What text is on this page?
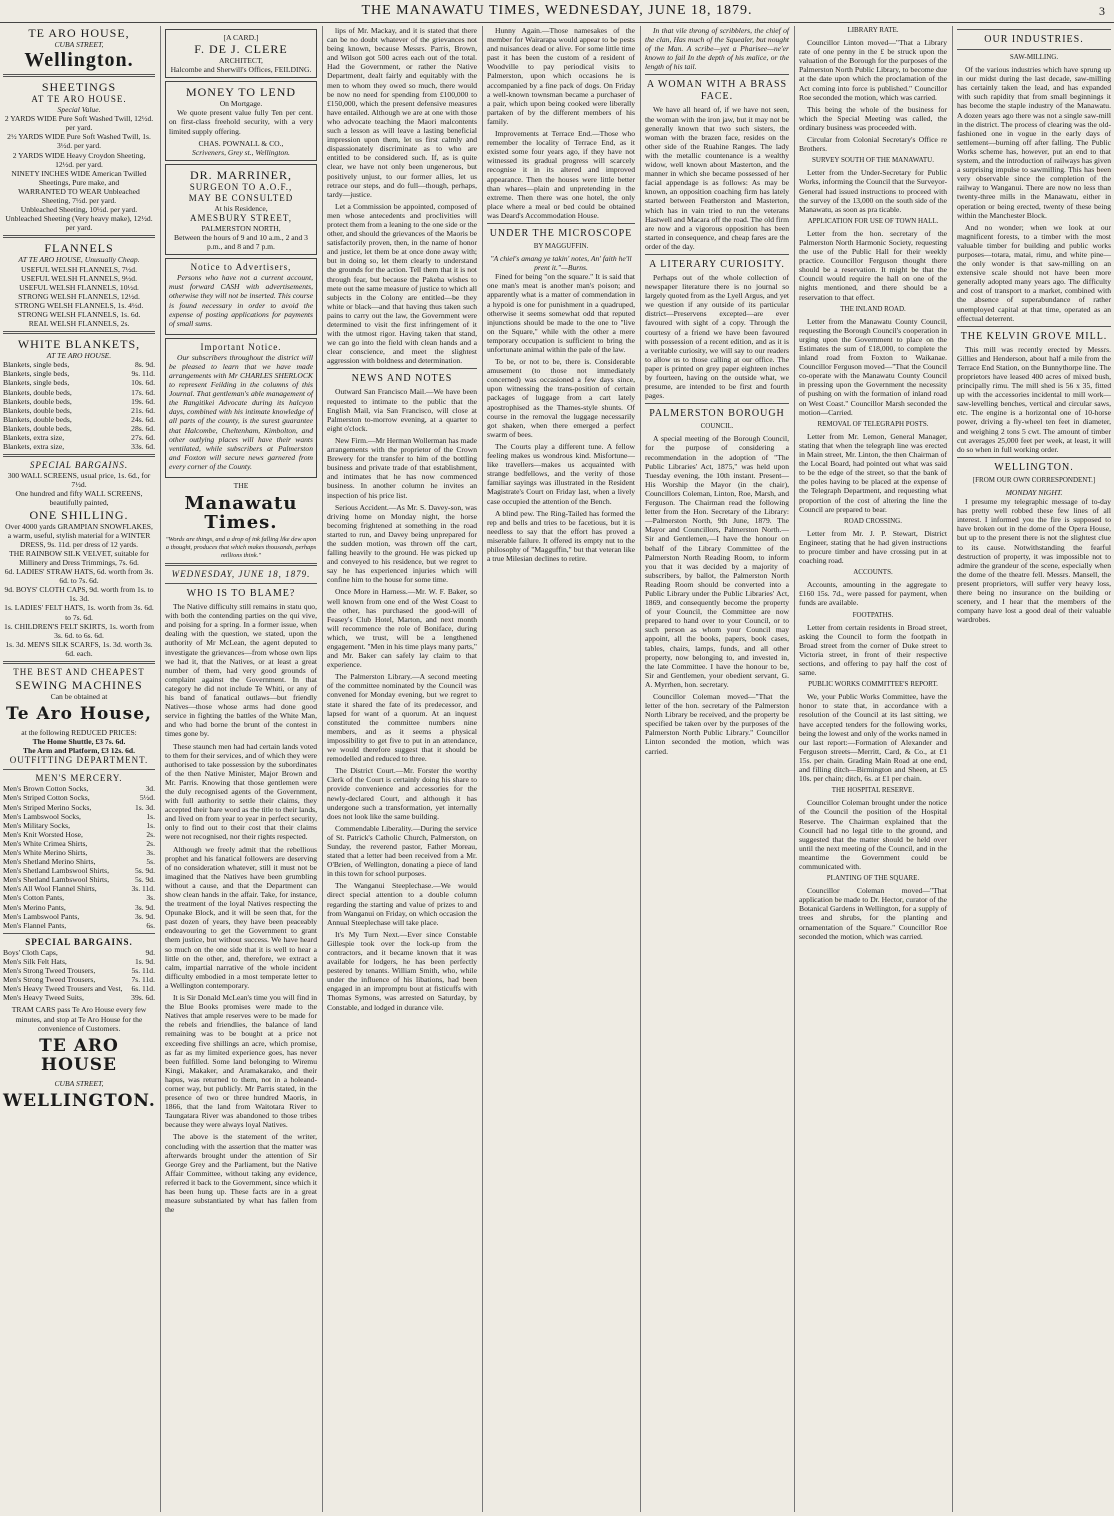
THE MANAWATU TIMES, WEDNESDAY, JUNE 18, 1879.	3
TE ARO HOUSE,
CUBA STREET,
Wellington.
SHEETINGS
AT TE ARO HOUSE.
Special Value.
2 YARDS WIDE Pure Soft Washed Twill, 12½d. per yard.
2½ YARDS WIDE Pure Soft Washed Twill, 1s. 3½d. per yard.
2 YARDS WIDE Heavy Croydon Sheeting, 12½d. per yard.
NINETY INCHES WIDE American Twilled Sheetings, Pure make, and
WARRANTED TO WEAR Unbleached Sheeting, 7½d. per yard.
Unbleached Sheeting, 10½d. per yard.
Unbleached Sheeting (Very heavy make), 12½d. per yard.
FLANNELS
AT TE ARO HOUSE, Unusually Cheap.
USEFUL WELSH FLANNELS, 7½d.
USEFUL WELSH FLANNELS, 9½d.
USEFUL WELSH FLANNELS, 10½d.
STRONG WELSH FLANNELS, 12½d.
STRONG WELSH FLANNELS, 1s. 4½d.
STRONG WELSH FLANNELS, 1s. 6d.
REAL WELSH FLANNELS, 2s.
WHITE BLANKETS,
AT TE ARO HOUSE.
Blankets, single beds,	8s. 9d.
Blankets, single beds,	9s. 11d.
Blankets, single beds,	10s. 6d.
Blankets, double beds,	17s. 6d.
Blankets, double beds,	19s. 6d.
Blankets, double beds,	21s. 6d.
Blankets, double beds,	24s. 6d.
Blankets, double beds,	28s. 6d.
Blankets, extra size,	27s. 6d.
Blankets, extra size,	33s. 6d.
SPECIAL BARGAINS.
300 WALL SCREENS, usual price, 1s. 6d., for 7½d.
One hundred and fifty WALL SCREENS, beautifully painted,
ONE SHILLING.
Over 4000 yards GRAMPIAN SNOWFLAKES, a warm, useful, stylish material for a WINTER DRESS, 9s. 11d. per dress of 12 yards.
THE RAINBOW SILK VELVET, suitable for Millinery and Dress Trimmings, 7s. 6d.
6d. LADIES' STRAW HATS, 6d. worth from 3s. 6d. to 7s. 6d.
9d. BOYS' CLOTH CAPS, 9d. worth from 1s. to 1s. 3d.
1s. LADIES' FELT HATS, 1s. worth from 3s. 6d. to 7s. 6d.
1s. CHILDREN'S FELT SKIRTS, 1s. worth from 3s. 6d. to 6s. 6d.
1s. 3d. MEN'S SILK SCARFS, 1s. 3d. worth 3s. 6d. each.
THE BEST AND CHEAPEST
SEWING MACHINES
Can be obtained at
Te Aro House,
at the following REDUCED PRICES:
The Home Shuttle, £3 7s. 6d.
The Arm and Platform, £3 12s. 6d.
OUTFITTING DEPARTMENT.
MEN'S MERCERY.
Men's Brown Cotton Socks,	3d.
Men's Striped Cotton Socks,	5½d.
Men's Striped Merino Socks,	1s. 3d.
Men's Lambswool Socks,	1s.
Men's Military Socks,	1s.
Men's Knit Worsted Hose,	2s.
Men's White Crimea Shirts,	2s.
Men's White Merino Shirts,	3s.
Men's Shetland Merino Shirts,	5s.
Men's Shetland Lambswool Shirts,	5s. 9d.
Men's Shetland Lambswool Shirts,	5s. 9d.
Men's All Wool Flannel Shirts,	3s. 11d.
Men's Cotton Pants,	3s.
Men's Merino Pants,	3s. 9d.
Men's Lambswool Pants,	3s. 9d.
Men's Flannel Pants,	6s.
SPECIAL BARGAINS.
Boys' Cloth Caps,	9d.
Men's Silk Felt Hats,	1s. 9d.
Men's Strong Tweed Trousers,	5s. 11d.
Men's Strong Tweed Trousers,	7s. 11d.
Men's Heavy Tweed Trousers and Vest, 6s. 11d.
Men's Heavy Tweed Suits,	39s. 6d.
TRAM CARS pass Te Aro House every few minutes, and stop at Te Aro House for the convenience of Customers.
TE ARO HOUSE
CUBA STREET,
WELLINGTON.
[A CARD.]
F. DE J. CLERE
ARCHITECT,
Halcombe and Sherwill's Offices, FEILDING.
MONEY TO LEND
On Mortgage.

We quote present value fully Ten per cent. on first-class freehold security, with a very limited supply offering.

CHAS. POWNALL & CO.,
Scriveners, Grey st., Wellington.
DR. MARRINER,
SURGEON TO A.O.F.,
MAY BE CONSULTED
At his Residence,
AMESBURY STREET,
PALMERSTON NORTH,
Between the hours of 9 and 10 a.m., 2 and 3 p.m., and 8 and 7 p.m.
Notice to Advertisers,

Persons who have not a current account, must forward CASH with advertisements, otherwise they will not be inserted. This course is found necessary in order to avoid the expense of posting applications for payments of small sums.

Important Notice.

Our subscribers throughout the district will be pleased to learn that we have made arrangements with Mr CHARLES SHERLOCK to represent Feilding in the columns of this Journal. That gentleman's able management of the Rangitikei Advocate during its halcyon days, combined with his intimate knowledge of all parts of the county, is the surest guarantee that Halcombe, Cheltenham, Kimbolton, and other outlying places will have their wants ventilated, while subscribers at Palmerston and Foxton will secure news garnered from every corner of the County.

THE
Manawatu Times.
"Words are things, and a drop of ink falling like dew upon a thought, produces that which makes thousands, perhaps millions think."
WEDNESDAY, JUNE 18, 1879.
WHO IS TO BLAME?

The Native difficulty still remains in statu quo, with both the contending parties on the qui vive, and poising for a spring. In a former issue, when dealing with the question, we stated, upon the authority of Mr McLean, the agent deputed to investigate the grievances—from whose own lips we had it, that the Natives, or at least a great number of them, had very good grounds of complaint against the Government. In that category he did not include Te Whiti, or any of his band of fanatical outlaws—but friendly Natives—those whose arms had done good service in fighting the battles of the White Man, and who had borne the brunt of the contest in times gone by.

These staunch men had had certain lands voted to them for their services, and of which they were authorised to take possession by the subordinates of the then Native Minister, Major Brown and Mr. Parris. Knowing that those gentlemen were the duly recognised agents of the Government, with full authority to settle their claims, they accepted their bare word as the title to their lands, and lived on from year to year in perfect security, only to find out to their cost that their claims were not recognised, nor their rights respected.

Although we freely admit that the rebellious prophet and his fanatical followers are deserving of no consideration whatever, still it must not be imagined that the Natives have been grumbling without a cause, and that the Department can show clean hands in the affair. Take, for instance, the treatment of the loyal Natives respecting the Opunake Block, and it will be seen that, for the past dozen of years, they have been peaceably endeavouring to get the Government to grant them justice, but without success. We have heard so much on the one side that it is well to hear a little on the other, and, therefore, we extract a calm, impartial narrative of the whole incident difficulty embodied in a most temperate letter to a Wellington contemporary.

It is Sir Donald McLean's time you will find in the Blue Books promises were made to the Natives that ample reserves were to be made for the rebels and friendlies, the balance of land remaining was to be bought at a price not exceeding five shillings an acre, which promise, as far as my limited experience goes, has never been fulfilled. Some land belonging to Wiremu Kingi, Makaker, and Aramakarako, and their hapus, was returned to them, not in a holeand-corner way, but publicly. Mr Parris stated, in the presence of two or three hundred Maoris, in 1866, that the land from Waitotara River to Taungatara River was abandoned to those tribes because they were always loyal Natives.

The above is the statement of the writer, concluding with the assertion that the matter was afterwards brought under the attention of Sir George Grey and the Parliament, but the Native Affair Committee, without taking any evidence, referred it back to the Government, since which it has been hung up. These facts are in a great measure substantiated by what has fallen from the

lips of Mr. Mackay, and it is stated that there can be no doubt whatever of the grievances not being known, because Messrs. Parris, Brown, and Wilson got 500 acres each out of the total. Had the Government, or rather the Native Department, dealt fairly and equitably with the men to whom they owed so much, there would be now no need for spending from £100,000 to £150,000, which the present defensive measures have entailed. Although we are at one with those who advocate teaching the Maori malcontents such a lesson as will leave a lasting beneficial impression upon them, let us first calmly and dispassionately discriminate as to who are entitled to be considered such. If, as is quite clear, we have not only been ungenerous, but positively unjust, to our former allies, let us retrace our steps, and do full—though, perhaps, tardy—justice.

Let a Commission be appointed, composed of men whose antecedents and proclivities will protect them from a leaning to the one side or the other, and should the grievances of the Maoris be satisfactorily proven, then, in the name of honor and justice, let them be at once done away with; but in doing so, let them clearly to understand the grounds for the action. Tell them that it is not through fear, but because the Pakeha wishes to mete out the same measure of justice to which all subjects in the Colony are entitled—be they white or black—and that having thus taken such pains to carry out the law, the Government were determined to visit the first infringement of it with the utmost rigor. Having taken that stand, we can go into the field with clean hands and a clear conscience, and meet the slightest aggression with boldness and determination.

NEWS AND NOTES

Outward San Francisco Mail.—We have been requested to intimate to the public that the English Mail, via San Francisco, will close at Palmerston to-morrow evening, at a quarter to eight o'clock.

New Firm.—Mr Herman Wollerman has made arrangements with the proprietor of the Crown Brewery for the transfer to him of the bottling business and private trade of that establishment, and intimates that he has now commenced business. In another column he invites an inspection of his price list.

Serious Accident.—As Mr. S. Davey-son, was driving home on Monday night, the horse becoming frightened at something in the road started to run, and Davey being unprepared for the sudden motion, was thrown off the cart, falling heavily to the ground. He was picked up and conveyed to his residence, but we regret to say he has experienced injuries which will confine him to the house for some time.

Once More in Harness.—Mr. W. F. Baker, so well known from one end of the West Coast to the other, has purchased the good-will of Feasey's Club Hotel, Marton, and next month will recommence the role of Boniface, during which, we trust, will be a lengthened engagement. "Men in his time plays many parts," and Mr. Baker can safely lay claim to that experience.

The Palmerston Library.—A second meeting of the committee nominated by the Council was convened for Monday evening, but we regret to state it shared the fate of its predecessor, and lapsed for want of a quorum. At an inquest constituted the committee numbers nine members, and as it seems a physical impossibility to get five to put in an attendance, we would therefore suggest that it should be remodelled and reduced to three.

The District Court.—Mr. Forster the worthy Clerk of the Court is certainly doing his share to provide convenience and accessories for the newly-declared Court, and although it has undergone such a transformation, yet internally does not look like the same building.

Commendable Liberality.—During the service of St. Patrick's Catholic Church, Palmerston, on Sunday, the reverend pastor, Father Moreau, stated that a letter had been received from a Mr. O'Brien, of Wellington, donating a piece of land in this town for school purposes.

The Wanganui Steeplechase.—We would direct special attention to a double column regarding the starting and value of prizes to and from Wanganui on Friday, on which occasion the Annual Steeplechase will take place.

It's My Turn Next.—Ever since Constable Gillespie took over the lock-up from the contractors, and it became known that it was available for lodgers, he has been perfectly pestered by tenants. William Smith, who, while under the influence of his libations, had been engaged in an impromptu bout at fisticuffs with Thomas Symons, was arrested on Saturday, by Constable, and lodged in durance vile.

Hunny Again.—Those namesakes of the member for Wairarapa would appear to be pests and nuisances dead or alive. For some little time past it has been the custom of a resident of Woodville to pay periodical visits to Palmerston, upon which occasions he is accompanied by a fine pack of dogs. On Friday a well-known townsman became a purchaser of a pair, which upon being cooked were liberally partaken of by the different members of his family.

Improvements at Terrace End.—Those who remember the locality of Terrace End, as it existed some four years ago, if they have not witnessed its gradual progress will scarcely recognise it in its altered and improved appearance. Then the houses were little better than whares—plain and unpretending in the extreme. Then there was one hotel, the only place where a meal or bed could be obtained was Deard's Accommodation House.

UNDER THE MICROSCOPE
BY MAGGUFFIN.
"A chiel's amang ye takin' notes, An' faith he'll prent it."—Burns.

Fined for being "on the square." It is said that one man's meat is another man's poison; and apparently what is a matter of commendation in a hypoid is one for punishment in a quadruped, otherwise it seems somewhat odd that reputed injunctions should be made to the one to "live on the Square," while with the other a mere temporary occupation is sufficient to bring the unfortunate animal within the pale of the law.

To be, or not to be, there is. Considerable amusement (to those not immediately concerned) was occasioned a few days since, upon witnessing the trans-position of certain packages of luggage from a cart lately apostrophised as the Thames-style shunts. Of course in the removal the luggage necessarily got shaken, when there emerged a perfect swarm of bees.

The Courts play a different tune. A fellow feeling makes us wondrous kind. Misfortune—like travellers—makes us acquainted with strange bedfellows, and the verity of those familiar sayings was illustrated in the Resident Magistrate's Court on Friday last, when a lively case occupied the attention of the Bench.

A blind pew. The Ring-Tailed has formed the rep and bells and tries to be facetious, but it is needless to say that the effort has proved a miserable failure. It offered its empty nut to the philosophy of "Magguffin," but that veteran like a true Milesian declines to retire.

In that vile throng of scribblers, the chief of the clan, Has much of the Squealer, but nought of the Man. A scribe—yet a Pharisee—ne'er known to fail In the depth of his malice, or the length of his tail.

A WOMAN WITH A BRASS FACE.

We have all heard of, if we have not seen, the woman with the iron jaw, but it may not be generally known that two such sisters, the woman with the brazen face, resides on the other side of the Ruahine Ranges. The lady with the metallic countenance is a wealthy widow, well known about Masterton, and the manner in which she became possessed of her facial appendage is as follows: As may be known, an opposition coaching firm has lately started between Featherston and Masterton, which has in vain tried to run the veterans Hastwell and Macara off the road. The old firm are now and a vigorous opposition has been started in consequence, and cheap fares are the order of the day.

A LITERARY CURIOSITY.

Perhaps out of the whole collection of newspaper literature there is no journal so largely quoted from as the Lyell Argus, and yet we question if any outside of its particular district—Preservens excepted—are ever favoured with sight of a copy. Through the courtesy of a friend we have been favoured with possession of a recent edition, and as it is a veritable curiosity, we will say to our readers to allow us to those calling at our office. The paper is printed on grey paper eighteen inches by fourteen, having on the outside what, we presume, are intended to be first and fourth pages.

PALMERSTON BOROUGH
COUNCIL.

A special meeting of the Borough Council, for the purpose of considering a recommendation in the adoption of "The Public Libraries' Act, 1875," was held upon Tuesday evening, the 10th instant. Present—His Worship the Mayor (in the chair), Councillors Coleman, Linton, Roe, Marsh, and Ferguson. The Chairman read the following letter from the Hon. Secretary of the Library:—Palmerston North, 9th June, 1879. The Mayor and Councillors, Palmerston North.—Sir and Gentlemen,—I have the honour on behalf of the Library Committee of the Palmerston North Reading Room, to inform you that it was decided by a majority of subscribers, by ballot, the Palmerston North Reading Room should be converted into a Public Library under the Public Libraries' Act, 1869, and consequently become the property of your Council, the Committee are now prepared to hand over to your Council, or to such person as whom your Council may appoint, all the books, papers, book cases, tables, chairs, lamps, funds, and all other property, now belonging to, and invested in, the late Committee. I have the honour to be, Sir and Gentlemen, your obedient servant, G. A. Myrrhen, hon. secretary.

Councillor Coleman moved—"That the letter of the hon. secretary of the Palmerston North Library be received, and the property be specified be taken over by the purposes of the Palmerston North Public Library." Councillor Linton seconded the motion, which was carried.

LIBRARY RATE.

Councillor Linton moved—"That a Library rate of one penny in the £ be struck upon the valuation of the Borough for the purposes of the Palmerston North Public Library, to become due at the date upon which the proclamation of the Act coming into force is published." Councillor Roe seconded the motion, which was carried.

This being the whole of the business for which the Special Meeting was called, the ordinary business was proceeded with.

Circular from Colonial Secretary's Office re Brothers.

SURVEY SOUTH OF THE MANAWATU.

Letter from the Under-Secretary for Public Works, informing the Council that the Surveyor-General had issued instructions to proceed with the survey of the 13,000 on the south side of the Manawatu, as soon as pra ticable.

APPLICATION FOR USE OF TOWN HALL.

Letter from the hon. secretary of the Palmerston North Harmonic Society, requesting the use of the Public Hall for their weekly practice. Councillor Ferguson thought there should be a reservation. It might be that the Council would require the hall on one of the nights mentioned, and there should be a reservation to that effect.

THE INLAND ROAD.

Letter from the Manawatu County Council, requesting the Borough Council's cooperation in urging upon the Government to place on the Estimates the sum of £18,000, to complete the inland road from Foxton to Waikanae. Councillor Ferguson moved—"That the Council co-operate with the Manawatu County Council in pressing upon the Government the necessity of pushing on with the formation of inland road on West Coast." Councillor Marsh seconded the motion—Carried.

REMOVAL OF TELEGRAPH POSTS.

Letter from Mr. Lemon, General Manager, stating that when the telegraph line was erected in Main street, Mr. Linton, the then Chairman of the Local Board, had pointed out what was said to be the edge of the street, so that the bank of the poles having to be placed at the expense of the Telegraph Department, and requesting what proportion of the cost of altering the line the Council are prepared to bear.

ROAD CROSSING.

Letter from Mr. J. P. Stewart, District Engineer, stating that he had given instructions to procure timber and have crossing put in at coaching road.

ACCOUNTS.

Accounts, amounting in the aggregate to £160 15s. 7d., were passed for payment, when funds are available.

FOOTPATHS.

Letter from certain residents in Broad street, asking the Council to form the footpath in Broad street from the corner of Duke street to Victoria street, in front of their respective sections, and offering to pay half the cost of same.

PUBLIC WORKS COMMITTEE'S REPORT.

We, your Public Works Committee, have the honor to state that, in accordance with a resolution of the Council at its last sitting, we have accepted tenders for the following works, being the lowest and only of the works named in our last report:—Formation of Alexander and Ferguson streets—Merritt, Card, & Co., at £1 15s. per chain. Grading Main Road at one end, and filling ditch—Birmington and Sheen, at £5 10s. per chain; ditch, 6s. at £1 per chain.

THE HOSPITAL RESERVE.

Councillor Coleman brought under the notice of the Council the position of the Hospital Reserve. The Chairman explained that the Council had no legal title to the ground, and suggested that the matter should be held over until the next meeting of the Council, and in the meantime the Government could be communicated with.

PLANTING OF THE SQUARE.

Councillor Coleman moved—"That application be made to Dr. Hector, curator of the Botanical Gardens in Wellington, for a supply of trees and shrubs, for the planting and ornamentation of the Square." Councillor Roe seconded the motion, which was carried.

OUR INDUSTRIES.
SAW-MILLING.

Of the various industries which have sprung up in our midst during the last decade, saw-milling has certainly taken the lead, and has expanded with such rapidity that from small beginnings it has become the staple industry of the Manawatu. A dozen years ago there was not a single saw-mill in the district. The process of clearing was the old-fashioned one in vogue in the early days of settlement—burning off after falling. The Public Works scheme has, however, put an end to that system, and the introduction of railways has given a surprising impulse to sawmilling. This has been very observable since the completion of the railway to Wanganui. There are now no less than twenty-three mills in the Manawatu, either in operation or being erected, twenty of these being within the Manchester Block.

And no wonder; when we look at our magnificent forests, to a timber with the most valuable timber for building and public works purposes—totara, matai, rimu, and white pine—the only wonder is that saw-milling on an extensive scale should not have been more generally adopted many years ago. The difficulty and cost of transport to a market, combined with the absence of superabundance of rather unemployed capital at that time, operated as an effectual deterrent.

THE KELVIN GROVE MILL.

This mill was recently erected by Messrs. Gillies and Henderson, about half a mile from the Terrace End Station, on the Bunnythorpe line. The proprietors have leased 400 acres of mixed bush, principally rimu. The mill shed is 56 x 35, fitted up with the accessories incidental to mill work—saw-levelling benches, vertical and circular saws, etc. The engine is a horizontal one of 10-horse power, driving a fly-wheel ten feet in diameter, and weighing 2 tons 5 cwt. The amount of timber cut averages 25,000 feet per week, at least, it will do so when in full working order.

WELLINGTON.
[FROM OUR OWN CORRESPONDENT.]
MONDAY NIGHT.

I presume my telegraphic message of to-day has pretty well robbed these few lines of all interest. I informed you the fire is supposed to have broken out in the dome of the Opera House, but up to the present there is not the slightest clue to its cause. Notwithstanding the fearful destruction of property, it was impossible not to admire the grandeur of the scene, especially when the dome of the theatre fell. Messrs. Mansell, the present proprietors, will suffer very heavy loss, there being no insurance on the building or scenery, and I hear that the members of the company have lost a good deal of their valuable wardrobes.
